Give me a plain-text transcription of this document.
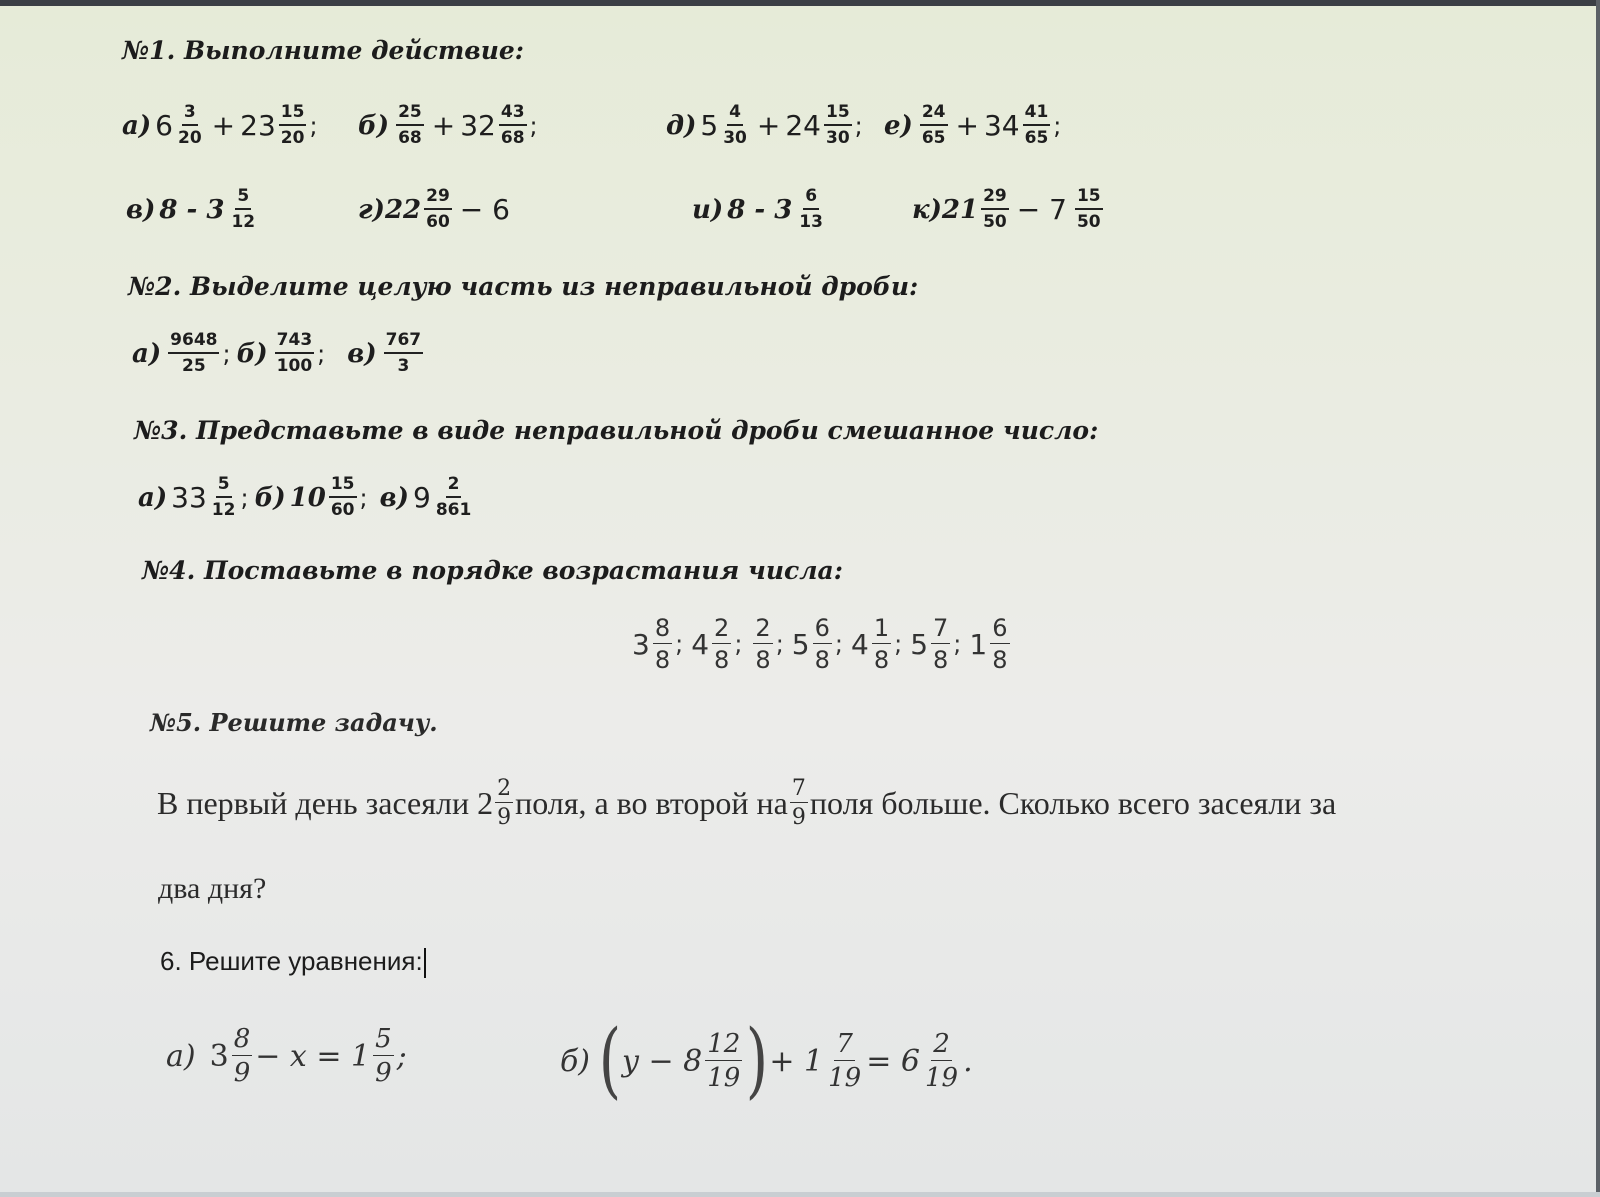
№1. Выполните действие:
а) $6 \frac{3}{20} + 23 \frac{15}{20}$ ; $б) \frac{25}{68} + 32 \frac{43}{68}$ ;	д) $5 \frac{4}{30} + 24 \frac{15}{30}$ ; $е) \frac{24}{65} + 34 \frac{41}{65}$ ;
в) $8 - 3 \frac{5}{12}$	г) $22 \frac{29}{60} - 6$	и) $8 - 3 \frac{6}{13}$	к) $21 \frac{29}{50} - 7 \frac{15}{50}$
№2. Выделите целую часть из неправильной дроби:
$а) \frac{9648}{25}$ ; $б) \frac{743}{100}$ ; $в) \frac{767}{3}$
№3. Представьте в виде неправильной дроби смешанное число:
а) $33 \frac{5}{12}$ ; б) $10 \frac{15}{60}$ ; в) $9 \frac{2}{861}$
№4. Поставьте в порядке возрастания числа:
$3 \frac{8}{8}$ ; $4 \frac{2}{8}$ ; $\frac{2}{8}$ ; $5 \frac{6}{8}$ ; $4 \frac{1}{8}$ ; $5 \frac{7}{8}$ ; $1 \frac{6}{8}$
№5. Решите задачу.
В первый день засеяли $2 \frac{2}{9}$ поля, а во второй на $\frac{7}{9}$ поля больше. Сколько всего засеяли за
два дня?
6. Решите уравнения:
а) $3 \frac{8}{9} - x = 1 \frac{5}{9}$ ;	б) ( $y - 8 \frac{12}{19}$ ) + $1 \frac{7}{19} = 6 \frac{2}{19}$ .
